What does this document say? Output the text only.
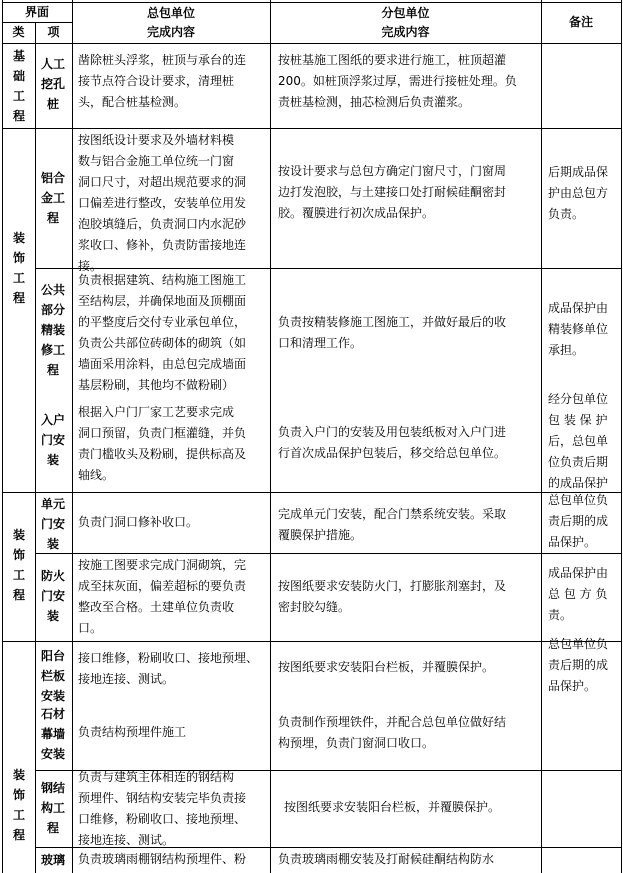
界面
类	项
总包单位
完成内容
分包单位
完成内容
备注
基础工程
装饰工程
装饰工程
装饰工程
人工挖孔桩
铝合金工程
公共部分精装修工程
入户门安装
单元门安装
防火门安装
阳台栏板安装
石材幕墙安装
钢结构工程
玻璃
凿除桩头浮浆，桩顶与承台的连
接节点符合设计要求，清理桩
头，配合桩基检测。
按图纸设计要求及外墙材料模
数与铝合金施工单位统一门窗
洞口尺寸，对超出规范要求的洞
口偏差进行整改，安装单位用发
泡胶填缝后，负责洞口内水泥砂
浆收口、修补，负责防雷接地连
接。
负责根据建筑、结构施工图施工
至结构层，并确保地面及顶棚面
的平整度后交付专业承包单位，
负责公共部位砖砌体的砌筑（如
墙面采用涂料，由总包完成墙面
基层粉刷，其他均不做粉刷）
根据入户门厂家工艺要求完成
洞口预留，负责门框灌缝，并负
责门槛收头及粉刷，提供标高及
轴线。
负责门洞口修补收口。
按施工图要求完成门洞砌筑，完
成至抹灰面，偏差超标的要负责
整改至合格。土建单位负责收
口。
接口维修，粉刷收口、接地预埋、
接地连接、测试。
负责结构预埋件施工
负责与建筑主体相连的钢结构
预埋件、钢结构安装完毕负责接
口维修，粉刷收口、接地预埋、
接地连接、测试。
负责玻璃雨棚钢结构预埋件、粉
按桩基施工图纸的要求进行施工，桩顶超灌
200。如桩顶浮浆过厚，需进行接桩处理。负
责桩基检测，抽芯检测后负责灌浆。
按设计要求与总包方确定门窗尺寸，门窗周
边打发泡胶，与土建接口处打耐候硅酮密封
胶。覆膜进行初次成品保护。
负责按精装修施工图施工，并做好最后的收
口和清理工作。
负责入户门的安装及用包装纸板对入户门进
行首次成品保护包装后，移交给总包单位。
完成单元门安装，配合门禁系统安装。采取
覆膜保护措施。
按图纸要求安装防火门，打膨胀剂塞封，及
密封胶勾缝。
按图纸要求安装阳台栏板，并覆膜保护。
负责制作预埋铁件，并配合总包单位做好结
构预埋，负责门窗洞口收口。
按图纸要求安装阳台栏板，并覆膜保护。
负责玻璃雨棚安装及打耐候硅酮结构防水
后期成品保
护由总包方
负责。
成品保护由
精装修单位
承担。
经分包单位
包 装 保 护
后，总包单
位负责后期
的成品保护
总包单位负
责后期的成
品保护。
成品保护由
总 包 方 负
责。
总包单位负
责后期的成
品保护。
